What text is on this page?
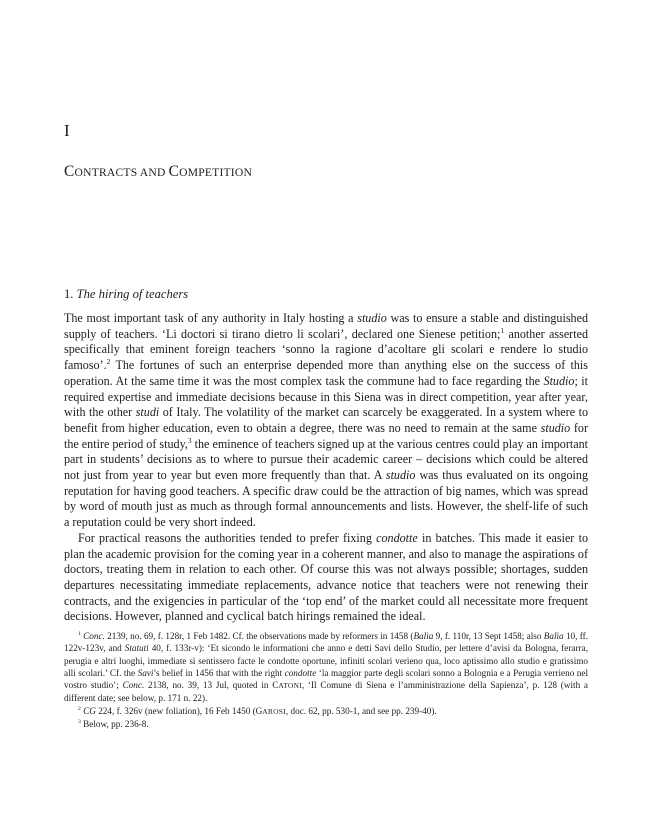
I
CONTRACTS AND COMPETITION
1. The hiring of teachers

The most important task of any authority in Italy hosting a studio was to ensure a stable and distinguished supply of teachers. ‘Li doctori si tirano dietro li scolari’, declared one Sienese petition;$^1$ another asserted specifically that eminent foreign teachers ‘sonno la ragione d’acoltare gli scolari e rendere lo studio famoso’.$^2$ The fortunes of such an enterprise depended more than anything else on the success of this operation. At the same time it was the most complex task the commune had to face regarding the Studio; it required expertise and immediate decisions because in this Siena was in direct competition, year after year, with the other studi of Italy. The volatility of the market can scarcely be exaggerated. In a system where to benefit from higher education, even to obtain a degree, there was no need to remain at the same studio for the entire period of study,$^3$ the eminence of teachers signed up at the various centres could play an important part in students’ decisions as to where to pursue their academic career – decisions which could be altered not just from year to year but even more frequently than that. A studio was thus evaluated on its ongoing reputation for having good teachers. A specific draw could be the attraction of big names, which was spread by word of mouth just as much as through formal announcements and lists. However, the shelf-life of such a reputation could be very short indeed.

For practical reasons the authorities tended to prefer fixing condotte in batches. This made it easier to plan the academic provision for the coming year in a coherent manner, and also to manage the aspirations of doctors, treating them in relation to each other. Of course this was not always possible; shortages, sudden departures necessitating immediate replacements, advance notice that teachers were not renewing their contracts, and the exigencies in particular of the ‘top end’ of the market could all necessitate more frequent decisions. However, planned and cyclical batch hirings remained the ideal.

$^1$ Conc. 2139, no. 69, f. 128r, 1 Feb 1482. Cf. the observations made by reformers in 1458 (Balìa 9, f. 110r, 13 Sept 1458; also Balìa 10, ff. 122v-123v, and Statuti 40, f. 133r-v): ‘Et sicondo le informationi che anno e detti Savi dello Studio, per lettere d’avisi da Bologna, ferarra, perugia e altri luoghi, immediate si sentissero facte le condotte oportune, infiniti scolari verieno qua, loco aptissimo allo studio e gratissimo alli scolari.’ Cf. the Savi’s belief in 1456 that with the right condotte ‘la maggior parte degli scolari sonno a Bolognia e a Perugia verrieno nel vostro studio’; Conc. 2138, no. 39, 13 Jul, quoted in CATONI, ‘Il Comune di Siena e l’amministrazione della Sapienza’, p. 128 (with a different date; see below, p. 171 n. 22).

$^2$ CG 224, f. 326v (new foliation), 16 Feb 1450 (GAROSI, doc. 62, pp. 530-1, and see pp. 239-40).

$^3$ Below, pp. 236-8.
